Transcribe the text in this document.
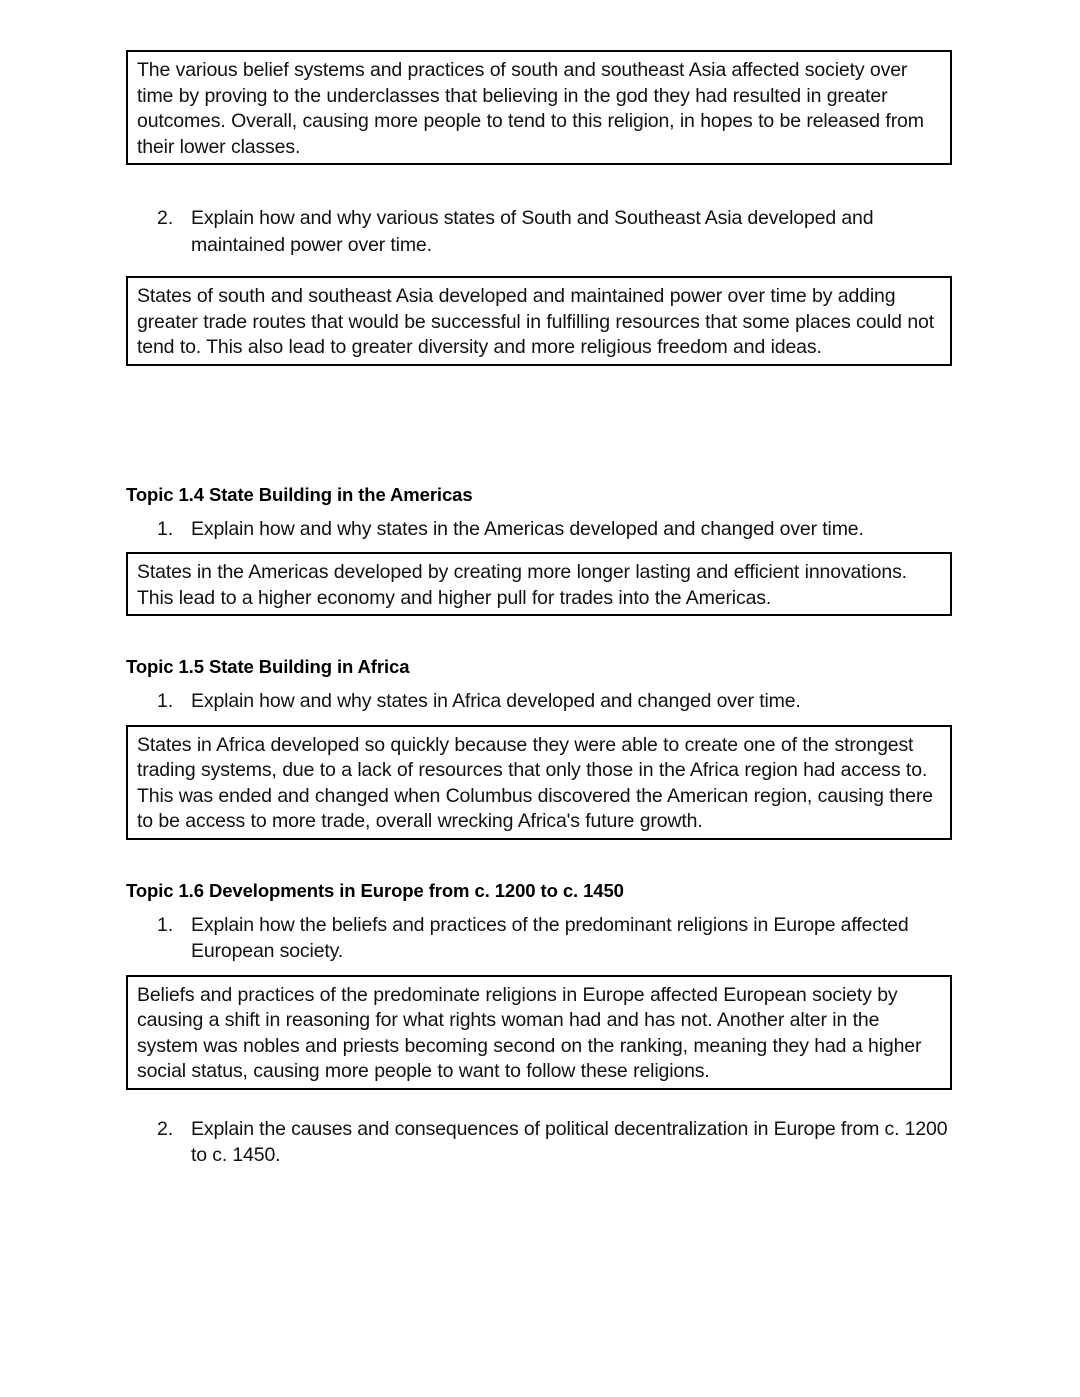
The various belief systems and practices of south and southeast Asia affected society over time by proving to the underclasses that believing in the god they had resulted in greater outcomes. Overall, causing more people to tend to this religion, in hopes to be released from their lower classes.

2. Explain how and why various states of South and Southeast Asia developed and maintained power over time.

States of south and southeast Asia developed and maintained power over time by adding greater trade routes that would be successful in fulfilling resources that some places could not tend to. This also lead to greater diversity and more religious freedom and ideas.

Topic 1.4 State Building in the Americas
1. Explain how and why states in the Americas developed and changed over time.

States in the Americas developed by creating more longer lasting and efficient innovations. This lead to a higher economy and higher pull for trades into the Americas.

Topic 1.5 State Building in Africa
1. Explain how and why states in Africa developed and changed over time.

States in Africa developed so quickly because they were able to create one of the strongest trading systems, due to a lack of resources that only those in the Africa region had access to. This was ended and changed when Columbus discovered the American region, causing there to be access to more trade, overall wrecking Africa's future growth.

Topic 1.6 Developments in Europe from c. 1200 to c. 1450
1. Explain how the beliefs and practices of the predominant religions in Europe affected European society.

Beliefs and practices of the predominate religions in Europe affected European society by causing a shift in reasoning for what rights woman had and has not. Another alter in the system was nobles and priests becoming second on the ranking, meaning they had a higher social status, causing more people to want to follow these religions.

2. Explain the causes and consequences of political decentralization in Europe from c. 1200 to c. 1450.
